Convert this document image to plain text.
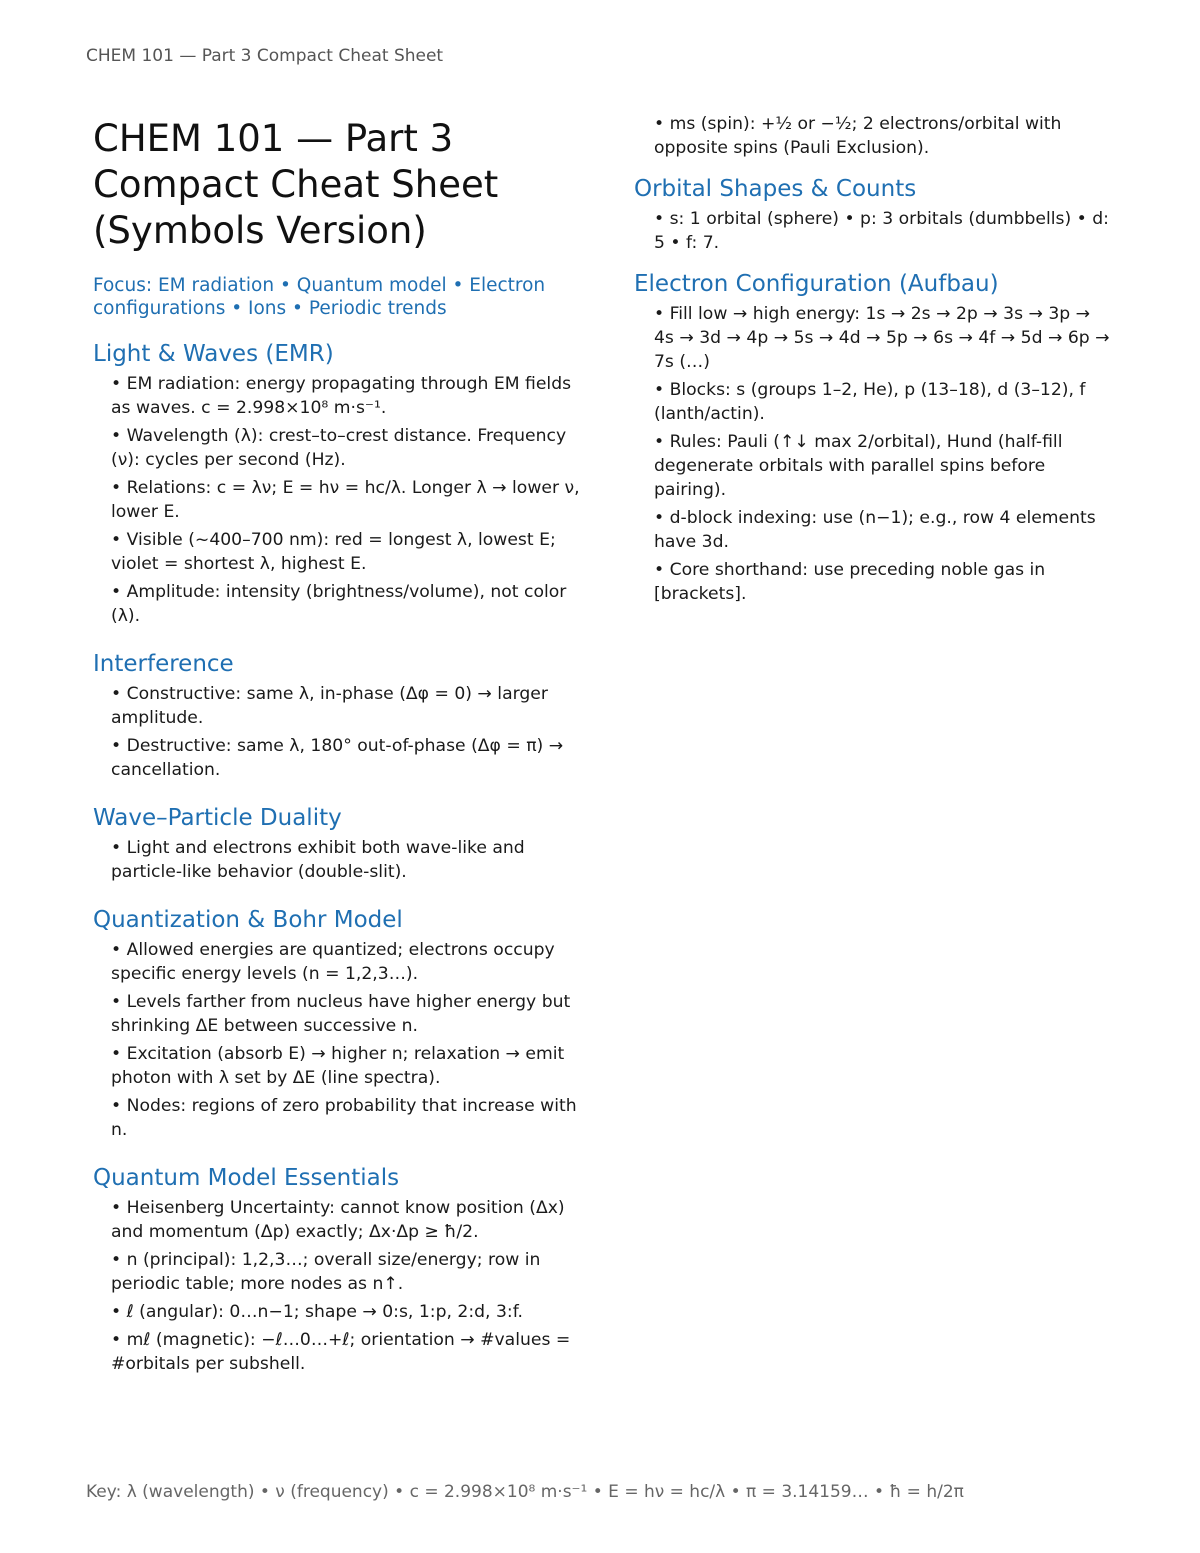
CHEM 101 — Part 3 Compact Cheat Sheet
CHEM 101 — Part 3
Compact Cheat Sheet
(Symbols Version)

Focus: EM radiation • Quantum model • Electron configurations • Ions • Periodic trends

Light & Waves (EMR)
• EM radiation: energy propagating through EM fields as waves. c = 2.998×10⁸ m·s⁻¹.
• Wavelength (λ): crest–to–crest distance. Frequency (ν): cycles per second (Hz).
• Relations: c = λν; E = hν = hc/λ. Longer λ → lower ν, lower E.
• Visible (~400–700 nm): red = longest λ, lowest E; violet = shortest λ, highest E.
• Amplitude: intensity (brightness/volume), not color (λ).
Interference
• Constructive: same λ, in-phase (Δφ = 0) → larger amplitude.
• Destructive: same λ, 180° out-of-phase (Δφ = π) → cancellation.
Wave–Particle Duality
• Light and electrons exhibit both wave-like and particle-like behavior (double-slit).
Quantization & Bohr Model
• Allowed energies are quantized; electrons occupy specific energy levels (n = 1,2,3…).
• Levels farther from nucleus have higher energy but shrinking ΔE between successive n.
• Excitation (absorb E) → higher n; relaxation → emit photon with λ set by ΔE (line spectra).
• Nodes: regions of zero probability that increase with n.
Quantum Model Essentials
• Heisenberg Uncertainty: cannot know position (Δx) and momentum (Δp) exactly; Δx·Δp ≥ ħ/2.
• n (principal): 1,2,3…; overall size/energy; row in periodic table; more nodes as n↑.
• ℓ (angular): 0…n−1; shape → 0:s, 1:p, 2:d, 3:f.
• mℓ (magnetic): −ℓ…0…+ℓ; orientation → #values = #orbitals per subshell.
• ms (spin): +½ or −½; 2 electrons/orbital with opposite spins (Pauli Exclusion).
Orbital Shapes & Counts
• s: 1 orbital (sphere) • p: 3 orbitals (dumbbells) • d: 5 • f: 7.
Electron Configuration (Aufbau)
• Fill low → high energy: 1s → 2s → 2p → 3s → 3p → 4s → 3d → 4p → 5s → 4d → 5p → 6s → 4f → 5d → 6p → 7s (…)
• Blocks: s (groups 1–2, He), p (13–18), d (3–12), f (lanth/actin).
• Rules: Pauli (↑↓ max 2/orbital), Hund (half-fill degenerate orbitals with parallel spins before pairing).
• d-block indexing: use (n−1); e.g., row 4 elements have 3d.
• Core shorthand: use preceding noble gas in [brackets].
Key: λ (wavelength) • ν (frequency) • c = 2.998×10⁸ m·s⁻¹ • E = hν = hc/λ • π = 3.14159… • ħ = h/2π
